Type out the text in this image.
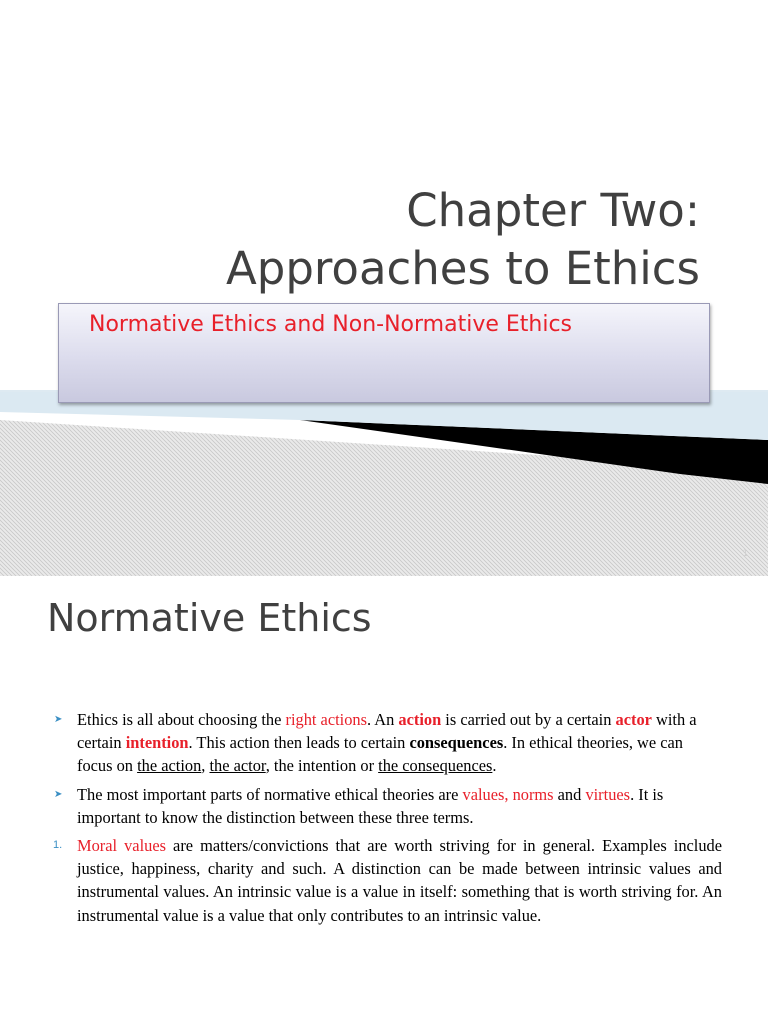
Chapter Two:
Approaches to Ethics
Normative Ethics and Non-Normative Ethics
1
Normative Ethics
➤ Ethics is all about choosing the right actions. An action is carried out by a certain actor with a certain intention. This action then leads to certain consequences. In ethical theories, we can focus on the action, the actor, the intention or the consequences.
➤ The most important parts of normative ethical theories are values, norms and virtues. It is important to know the distinction between these three terms.
1. Moral values are matters/convictions that are worth striving for in general. Examples include justice, happiness, charity and such. A distinction can be made between intrinsic values and instrumental values. An intrinsic value is a value in itself: something that is worth striving for. An instrumental value is a value that only contributes to an intrinsic value.
